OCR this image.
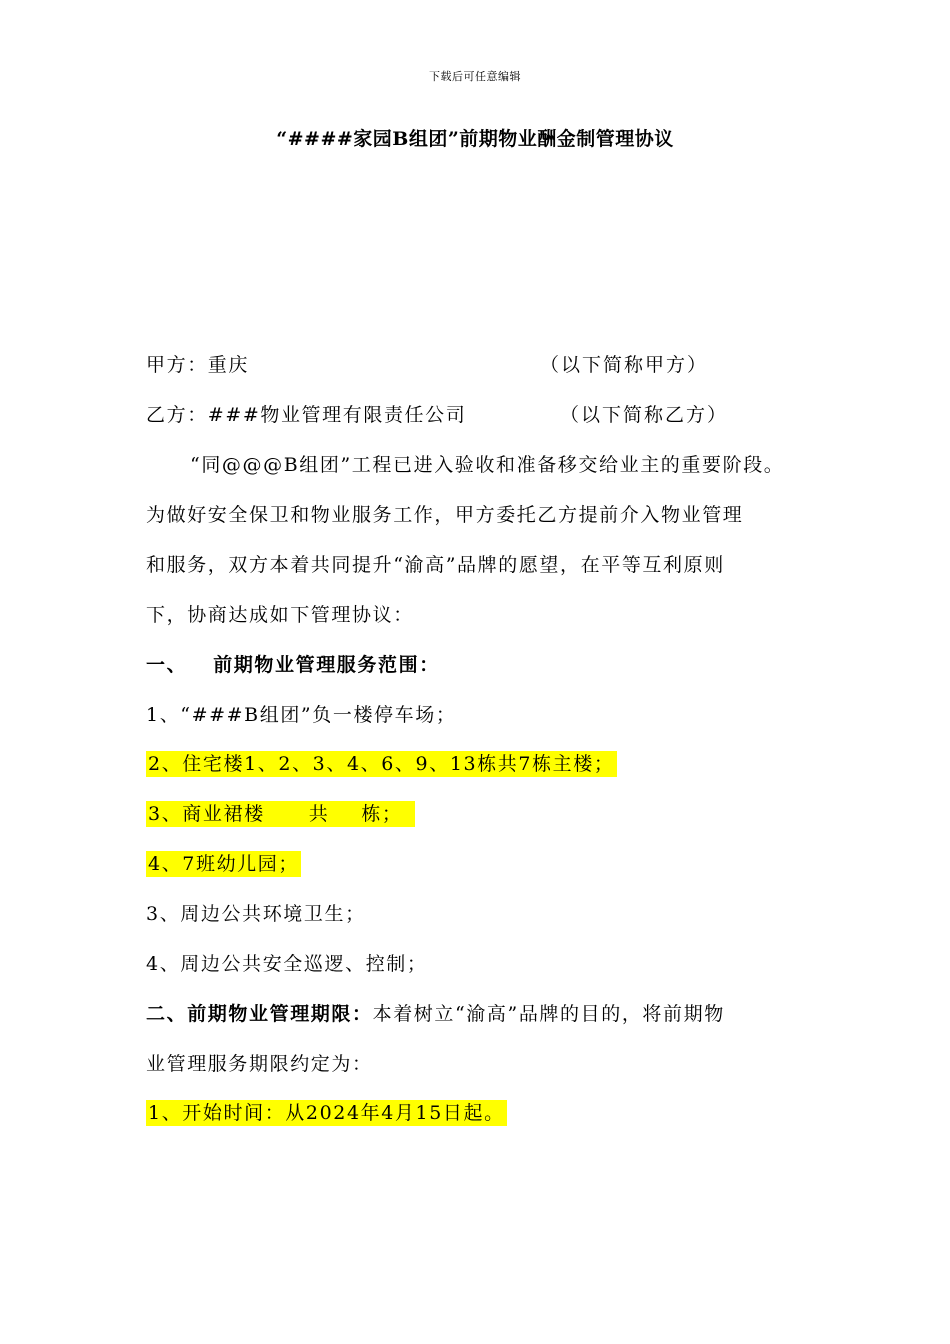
下载后可任意编辑
“####家园B组团”前期物业酬金制管理协议
甲方：重庆	（以下简称甲方）
乙方：###物业管理有限责任公司	（以下简称乙方）
“同@@@B组团”工程已进入验收和准备移交给业主的重要阶段。
为做好安全保卫和物业服务工作，甲方委托乙方提前介入物业管理
和服务，双方本着共同提升“渝高”品牌的愿望，在平等互利原则
下，协商达成如下管理协议：
一、 前期物业管理服务范围：
1、“###B组团”负一楼停车场；
2、住宅楼1、2、3、4、6、9、13栋共7栋主楼；
3、商业裙楼 共 栋；
4、7班幼儿园；
3、周边公共环境卫生；
4、周边公共安全巡逻、控制；
二、前期物业管理期限：本着树立“渝高”品牌的目的，将前期物
业管理服务期限约定为：
1、开始时间：从2024年4月15日起。
